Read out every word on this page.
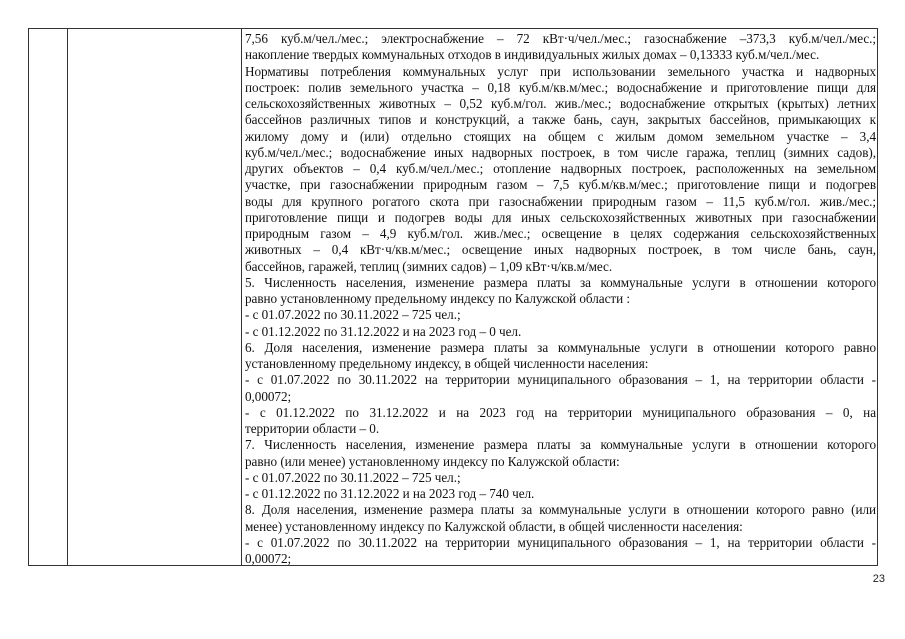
7,56 куб.м/чел./мес.; электроснабжение – 72 кВт·ч/чел./мес.; газоснабжение –373,3 куб.м/чел./мес.;
накопление твердых коммунальных отходов в индивидуальных жилых домах – 0,13333 куб.м/чел./мес.
Нормативы потребления коммунальных услуг при использовании земельного участка и надворных
построек: полив земельного участка – 0,18 куб.м/кв.м/мес.; водоснабжение и приготовление пищи для
сельскохозяйственных животных – 0,52 куб.м/гол. жив./мес.; водоснабжение открытых (крытых) летних
бассейнов различных типов и конструкций, а также бань, саун, закрытых бассейнов, примыкающих к
жилому дому и (или) отдельно стоящих на общем с жилым домом земельном участке – 3,4
куб.м/чел./мес.; водоснабжение иных надворных построек, в том числе гаража, теплиц (зимних садов),
других объектов – 0,4 куб.м/чел./мес.; отопление надворных построек, расположенных на земельном
участке, при газоснабжении природным газом – 7,5 куб.м/кв.м/мес.; приготовление пищи и подогрев
воды для крупного рогатого скота при газоснабжении природным газом – 11,5 куб.м/гол. жив./мес.;
приготовление пищи и подогрев воды для иных сельскохозяйственных животных при газоснабжении
природным газом – 4,9 куб.м/гол. жив./мес.; освещение в целях содержания сельскохозяйственных
животных – 0,4 кВт·ч/кв.м/мес.; освещение иных надворных построек, в том числе бань, саун,
бассейнов, гаражей, теплиц (зимних садов) – 1,09 кВт·ч/кв.м/мес.
5. Численность населения, изменение размера платы за коммунальные услуги в отношении которого
равно установленному предельному индексу по Калужской области :
- с 01.07.2022 по 30.11.2022 – 725 чел.;
- с 01.12.2022 по 31.12.2022 и на 2023 год – 0 чел.
6. Доля населения, изменение размера платы за коммунальные услуги в отношении которого равно
установленному предельному индексу, в общей численности населения:
- с 01.07.2022 по 30.11.2022 на территории муниципального образования – 1, на территории области -
0,00072;
- с 01.12.2022 по 31.12.2022 и на 2023 год на территории муниципального образования – 0, на
территории области – 0.
7. Численность населения, изменение размера платы за коммунальные услуги в отношении которого
равно (или менее) установленному индексу по Калужской области:
- с 01.07.2022 по 30.11.2022 – 725 чел.;
- с 01.12.2022 по 31.12.2022 и на 2023 год – 740 чел.
8. Доля населения, изменение размера платы за коммунальные услуги в отношении которого равно (или
менее) установленному индексу по Калужской области, в общей численности населения:
- с 01.07.2022 по 30.11.2022 на территории муниципального образования – 1, на территории области -
0,00072;
23
